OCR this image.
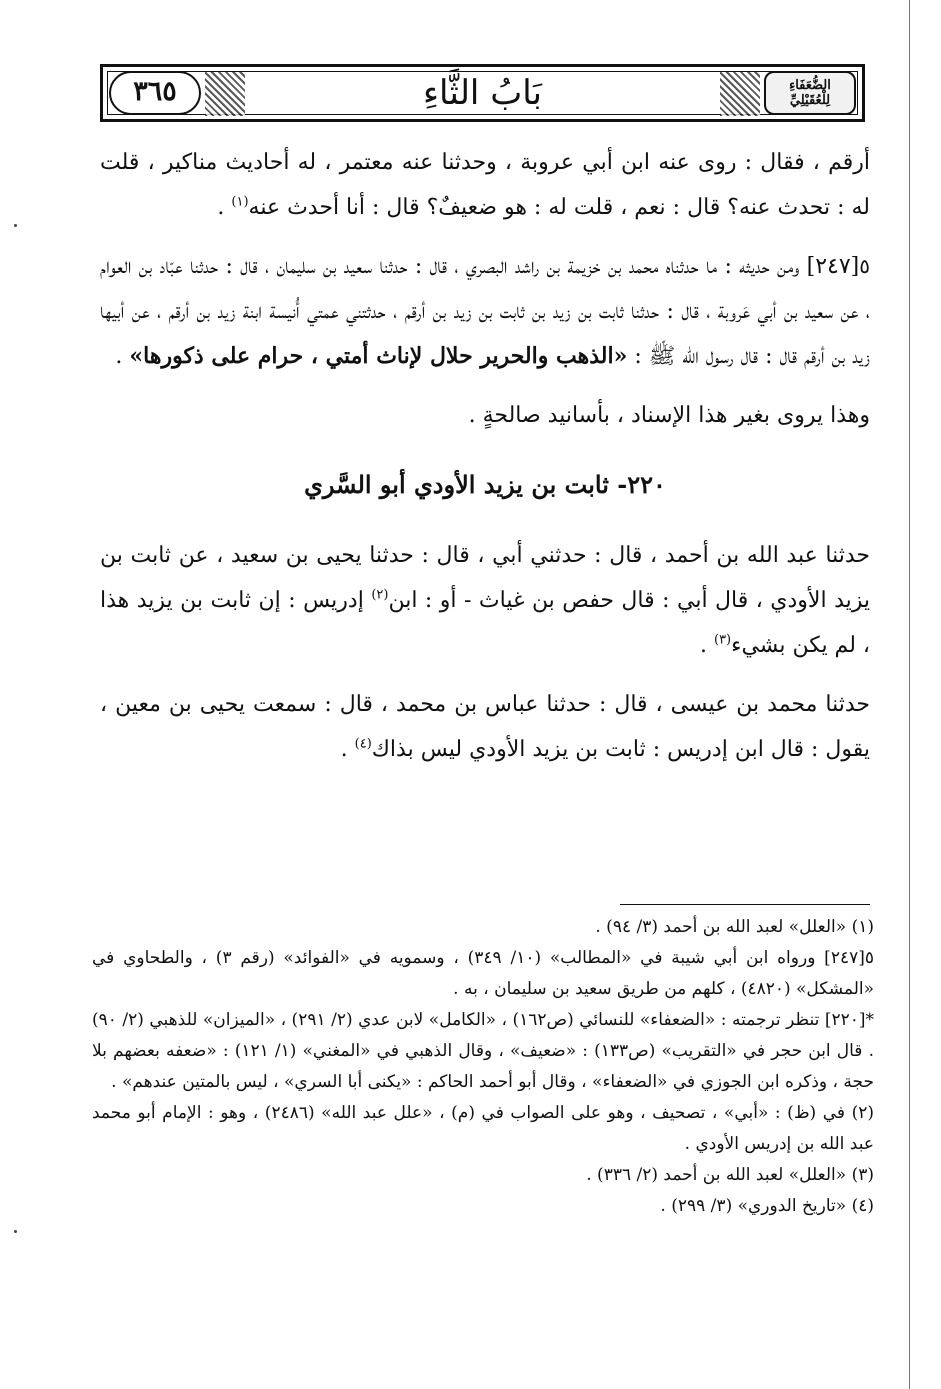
٣٦٥	بَابُ الثَّاءِ	الضُّعَفَاءِ
لِلْعُقَيْلِيِّ

أرقم ، فقال : روى عنه ابن أبي عروبة ، وحدثنا عنه معتمر ، له أحاديث مناكير ، قلت له : تحدث عنه؟ قال : نعم ، قلت له : هو ضعيفٌ؟ قال : أنا أحدث عنه$^{(١)}$ .

٥[٢٤٧] ومن حديثه : ما حدثناه محمد بن خزيمة بن راشد البصري ، قال : حدثنا سعيد بن سليمان ، قال : حدثنا عبّاد بن العوام ، عن سعيد بن أبي عَروبة ، قال : حدثنا ثابت بن زيد بن ثابت بن زيد بن أرقم ، حدثتني عمتي أُنيسة ابنة زيد بن أرقم ، عن أبيها زيد بن أرقم قال : قال رسول الله ﷺ : «الذهب والحرير حلال لإناث أمتي ، حرام على ذكورها» .

وهذا يروى بغير هذا الإسناد ، بأسانيد صالحةٍ .

٢٢٠- ثابت بن يزيد الأودي أبو السَّري

حدثنا عبد الله بن أحمد ، قال : حدثني أبي ، قال : حدثنا يحيى بن سعيد ، عن ثابت بن يزيد الأودي ، قال أبي : قال حفص بن غياث - أو : ابن$^{(٢)}$ إدريس : إن ثابت بن يزيد هذا ، لم يكن بشيء$^{(٣)}$ .

حدثنا محمد بن عيسى ، قال : حدثنا عباس بن محمد ، قال : سمعت يحيى بن معين ، يقول : قال ابن إدريس : ثابت بن يزيد الأودي ليس بذاك$^{(٤)}$ .

(١) «العلل» لعبد الله بن أحمد (٣/ ٩٤) .

٥[٢٤٧] ورواه ابن أبي شيبة في «المطالب» (١٠/ ٣٤٩) ، وسمويه في «الفوائد» (رقم ٣) ، والطحاوي في «المشكل» (٤٨٢٠) ، كلهم من طريق سعيد بن سليمان ، به .

*[٢٢٠] تنظر ترجمته : «الضعفاء» للنسائي (ص١٦٢) ، «الكامل» لابن عدي (٢/ ٢٩١) ، «الميزان» للذهبي (٢/ ٩٠) . قال ابن حجر في «التقريب» (ص١٣٣) : «ضعيف» ، وقال الذهبي في «المغني» (١/ ١٢١) : «ضعفه بعضهم بلا حجة ، وذكره ابن الجوزي في «الضعفاء» ، وقال أبو أحمد الحاكم : «يكنى أبا السري» ، ليس بالمتين عندهم» .

(٢) في (ظ) : «أبي» ، تصحيف ، وهو على الصواب في (م) ، «علل عبد الله» (٢٤٨٦) ، وهو : الإمام أبو محمد عبد الله بن إدريس الأودي .

(٣) «العلل» لعبد الله بن أحمد (٢/ ٣٣٦) .

(٤) «تاريخ الدوري» (٣/ ٢٩٩) .
